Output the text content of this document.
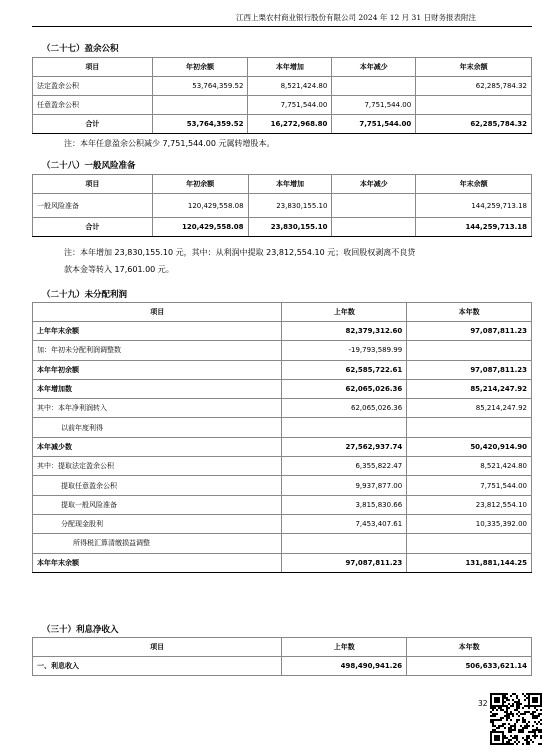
江西上栗农村商业银行股份有限公司 2024 年 12 月 31 日财务报表附注
（二十七）盈余公积
项目	年初余额	本年增加	本年减少	年末余额
法定盈余公积	53,764,359.52	8,521,424.80		62,285,784.32
任意盈余公积		7,751,544.00	7,751,544.00	
合计	53,764,359.52	16,272,968.80	7,751,544.00	62,285,784.32
注：本年任意盈余公积减少 7,751,544.00 元属转增股本。
（二十八）一般风险准备
项目	年初余额	本年增加	本年减少	年末余额
一般风险准备	120,429,558.08	23,830,155.10		144,259,713.18
合计	120,429,558.08	23,830,155.10		144,259,713.18
注：本年增加 23,830,155.10 元，其中：从利润中提取 23,812,554.10 元；收回股权剥离不良贷
款本金等转入 17,601.00 元。
（二十九）未分配利润
项目	上年数	本年数
上年年末余额	82,379,312.60	97,087,811.23
加：年初未分配利润调整数	-19,793,589.99	
本年年初余额	62,585,722.61	97,087,811.23
本年增加数	62,065,026.36	85,214,247.92
其中：本年净利润转入	62,065,026.36	85,214,247.92
以前年度利得		
本年减少数	27,562,937.74	50,420,914.90
其中：提取法定盈余公积	6,355,822.47	8,521,424.80
提取任意盈余公积	9,937,877.00	7,751,544.00
提取一般风险准备	3,815,830.66	23,812,554.10
分配现金股利	7,453,407.61	10,335,392.00
所得税汇算清缴损益调整		
本年年末余额	97,087,811.23	131,881,144.25
（三十）利息净收入
项目	上年数	本年数
一、利息收入	498,490,941.26	506,633,621.14
32
